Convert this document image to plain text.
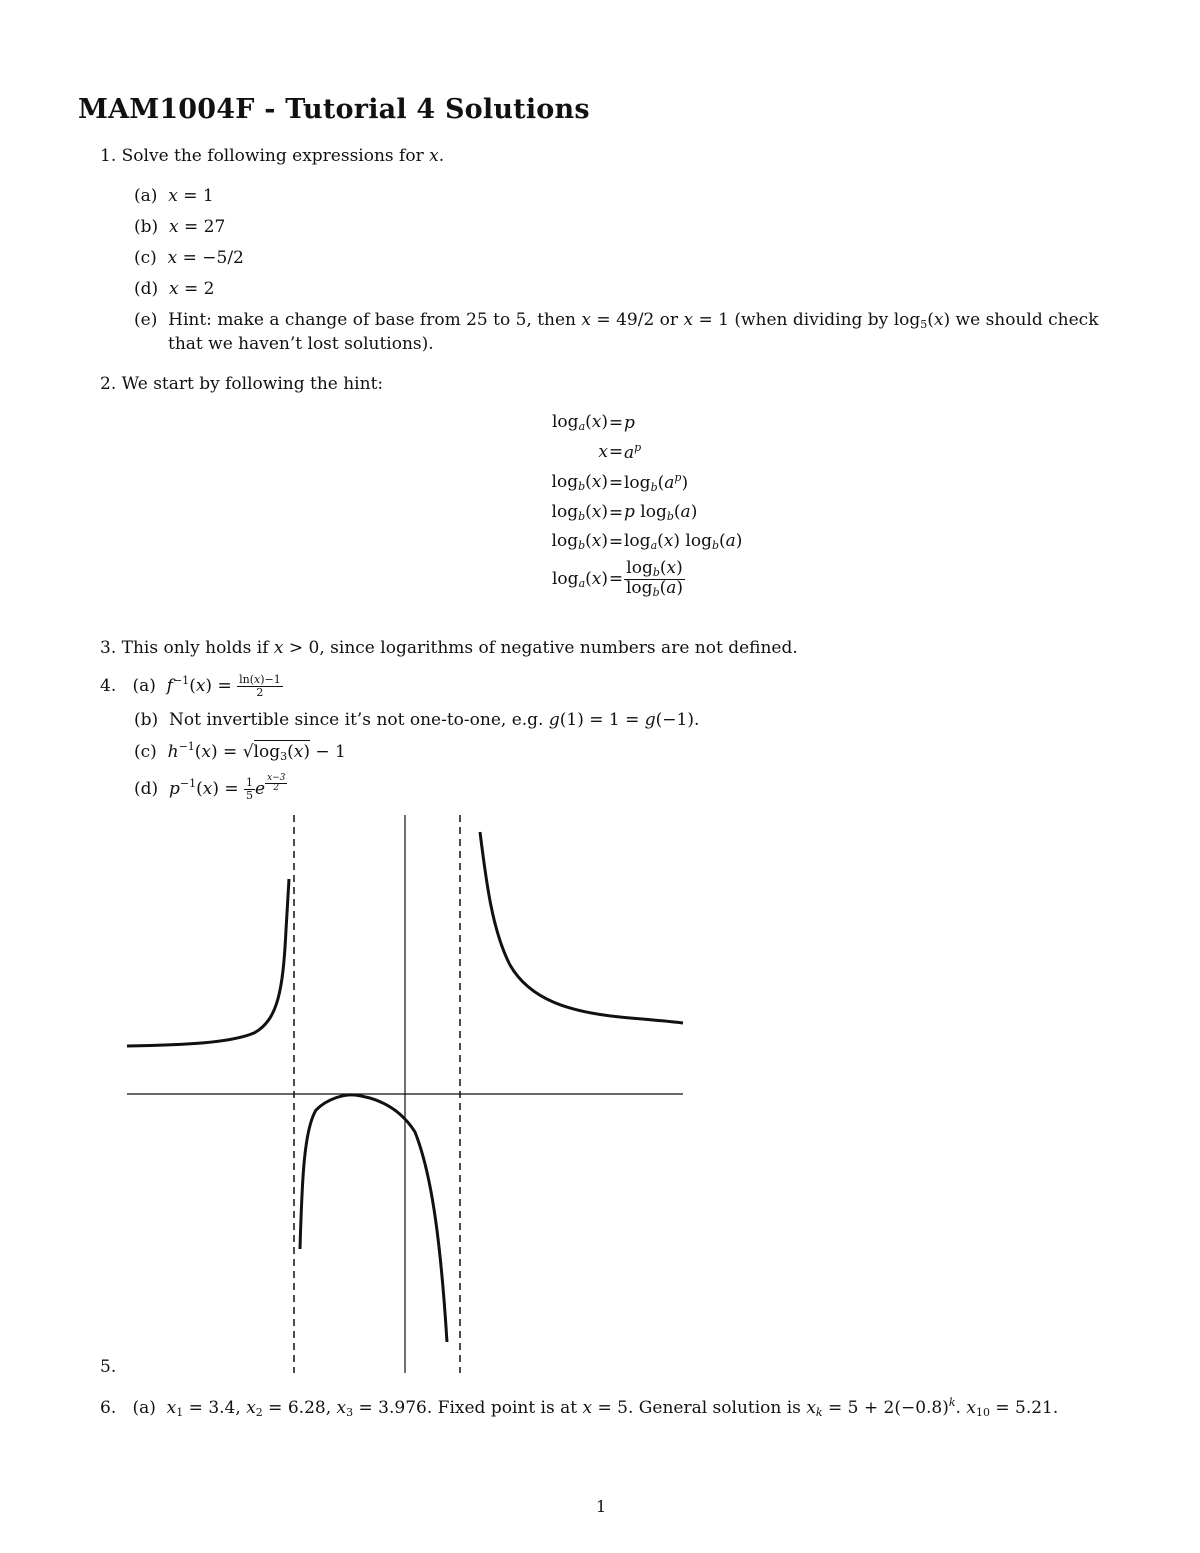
MAM1004F - Tutorial 4 Solutions
1. Solve the following expressions for x.
(a) x = 1
(b) x = 27
(c) x = −5/2
(d) x = 2
(e) Hint: make a change of base from 25 to 5, then x = 49/2 or x = 1 (when dividing by $\log_5(x)$ we should check
that we haven’t lost solutions).
2. We start by following the hint:
$\log_a(x) = p$
$x = a^p$
$\log_b(x) = \log_b(a^p)$
$\log_b(x) = p$ $\log_b(a)$
$\log_b(x) = \log_a(x)$ $\log_b(a)$
$\log_a(x) = \frac{\log_b(x)}{\log_b(a)}$
3. This only holds if x > 0, since logarithms of negative numbers are not defined.
4. (a) $f^{-1}(x) = \frac{\ln(x)-1}{2}$
(b) Not invertible since it’s not one-to-one, e.g. g(1) = 1 = g(−1).
(c) $h^{-1}(x) = √\log_3(x) - 1$
(d) $p^{-1}(x) = \frac{1}{5}$ e $^{\frac{x-3}{2}}$
5.
6. (a) $x_1 = 3.4$, $x_2 = 6.28$, $x_3 = 3.976$. Fixed point is at x = 5. General solution is $x_k = 5 + 2(-0.8)^k$. $x_{10} = 5.21$.
1
